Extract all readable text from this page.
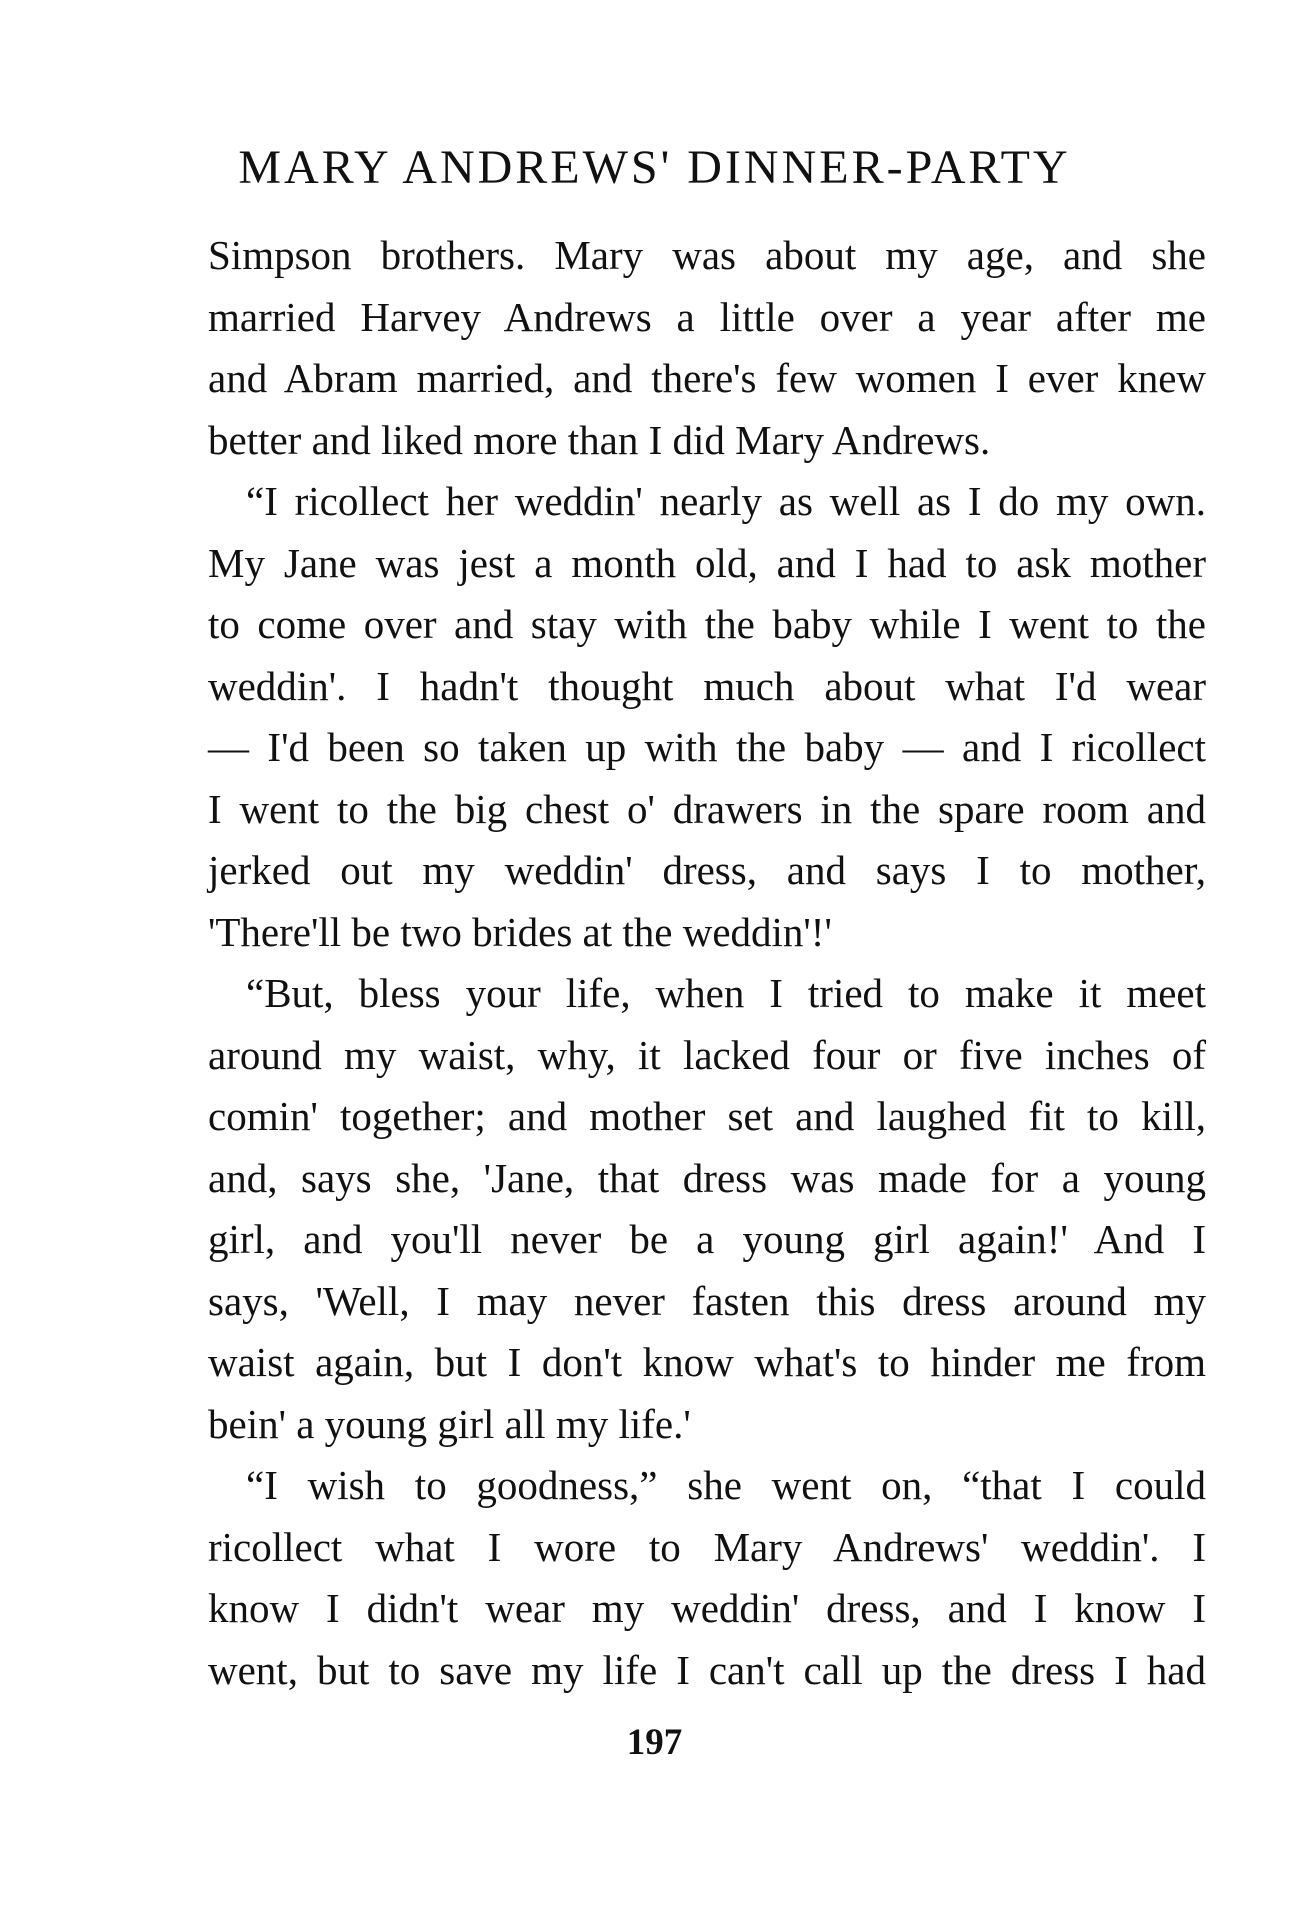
MARY ANDREWS' DINNER-PARTY
Simpson brothers. Mary was about my age, and she
married Harvey Andrews a little over a year after me
and Abram married, and there's few women I ever knew
better and liked more than I did Mary Andrews.
“I ricollect her weddin' nearly as well as I do my own.
My Jane was jest a month old, and I had to ask mother
to come over and stay with the baby while I went to the
weddin'. I hadn't thought much about what I'd wear
— I'd been so taken up with the baby — and I ricollect
I went to the big chest o' drawers in the spare room and
jerked out my weddin' dress, and says I to mother,
'There'll be two brides at the weddin'!'
“But, bless your life, when I tried to make it meet
around my waist, why, it lacked four or five inches of
comin' together; and mother set and laughed fit to kill,
and, says she, 'Jane, that dress was made for a young
girl, and you'll never be a young girl again!' And I
says, 'Well, I may never fasten this dress around my
waist again, but I don't know what's to hinder me from
bein' a young girl all my life.'
“I wish to goodness,” she went on, “that I could
ricollect what I wore to Mary Andrews' weddin'. I
know I didn't wear my weddin' dress, and I know I
went, but to save my life I can't call up the dress I had
197
